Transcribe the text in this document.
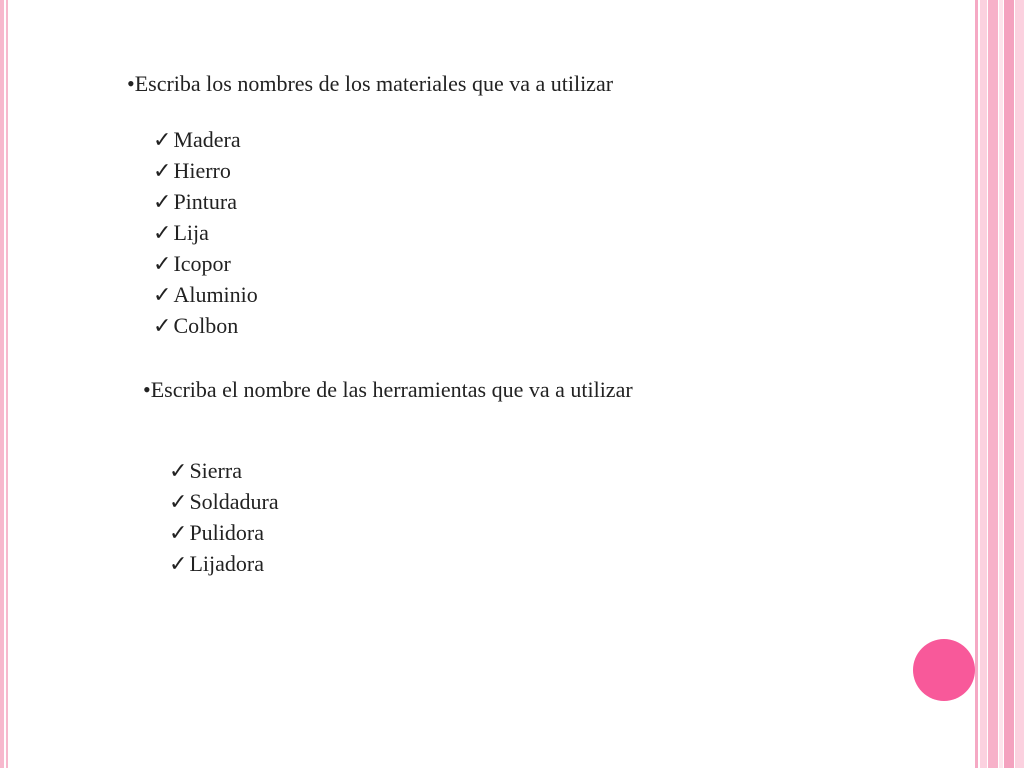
•Escriba los nombres de los materiales que va a utilizar
✓Madera
✓Hierro
✓Pintura
✓Lija
✓Icopor
✓Aluminio
✓Colbon
•Escriba el nombre de las herramientas que va a utilizar
✓Sierra
✓Soldadura
✓Pulidora
✓Lijadora
